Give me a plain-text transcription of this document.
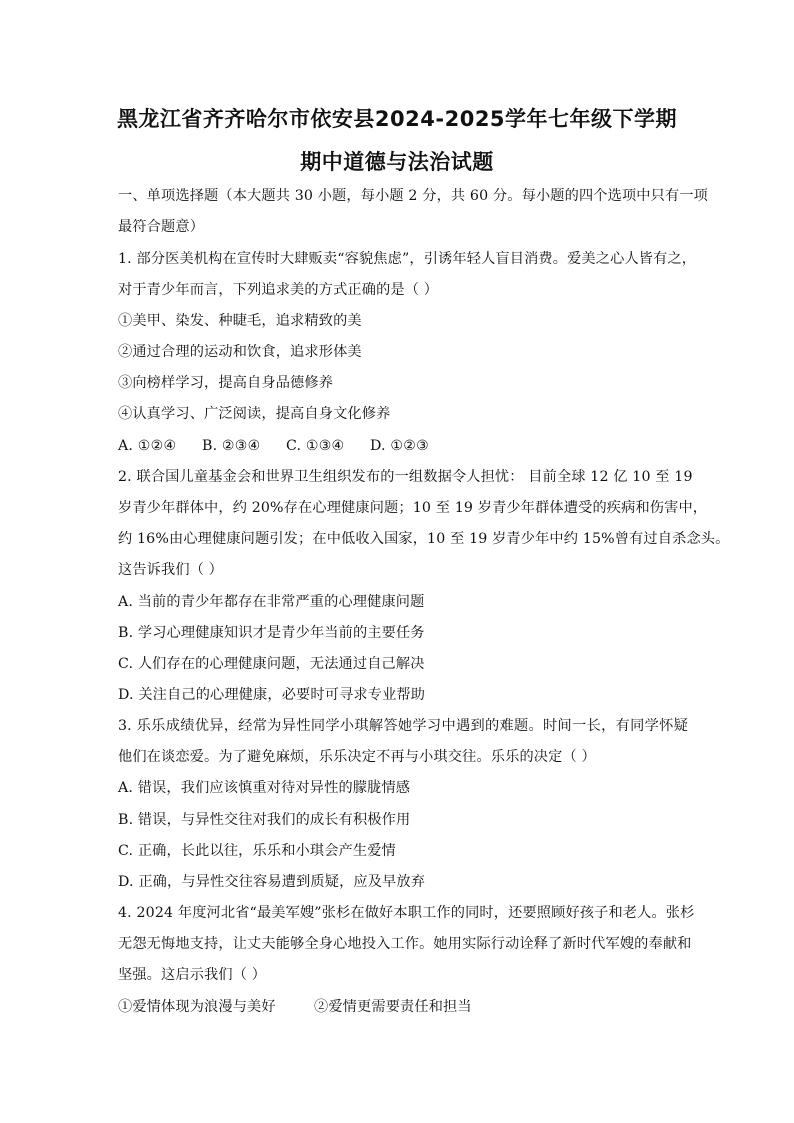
黑龙江省齐齐哈尔市依安县2024-2025学年七年级下学期
期中道德与法治试题
一、单项选择题（本大题共 30 小题，每小题 2 分，共 60 分。每小题的四个选项中只有一项
最符合题意）
1. 部分医美机构在宣传时大肆贩卖“容貌焦虑”，引诱年轻人盲目消费。爱美之心人皆有之，
对于青少年而言，下列追求美的方式正确的是（ ）
①美甲、染发、种睫毛，追求精致的美
②通过合理的运动和饮食，追求形体美
③向榜样学习，提高自身品德修养
④认真学习、广泛阅读，提高自身文化修养
A. ①②④ B. ②③④ C. ①③④ D. ①②③
2. 联合国儿童基金会和世界卫生组织发布的一组数据令人担忧： 目前全球 12 亿 10 至 19
岁青少年群体中，约 20%存在心理健康问题；10 至 19 岁青少年群体遭受的疾病和伤害中，
约 16%由心理健康问题引发；在中低收入国家，10 至 19 岁青少年中约 15%曾有过自杀念头。
这告诉我们（ ）
A. 当前的青少年都存在非常严重的心理健康问题
B. 学习心理健康知识才是青少年当前的主要任务
C. 人们存在的心理健康问题，无法通过自己解决
D. 关注自己的心理健康，必要时可寻求专业帮助
3. 乐乐成绩优异，经常为异性同学小琪解答她学习中遇到的难题。时间一长，有同学怀疑
他们在谈恋爱。为了避免麻烦，乐乐决定不再与小琪交往。乐乐的决定（ ）
A. 错误，我们应该慎重对待对异性的朦胧情感
B. 错误，与异性交往对我们的成长有积极作用
C. 正确，长此以往，乐乐和小琪会产生爱情
D. 正确，与异性交往容易遭到质疑，应及早放弃
4. 2024 年度河北省“最美军嫂”张杉在做好本职工作的同时，还要照顾好孩子和老人。张杉
无怨无悔地支持，让丈夫能够全身心地投入工作。她用实际行动诠释了新时代军嫂的奉献和
坚强。这启示我们（ ）
①爱情体现为浪漫与美好	②爱情更需要责任和担当
